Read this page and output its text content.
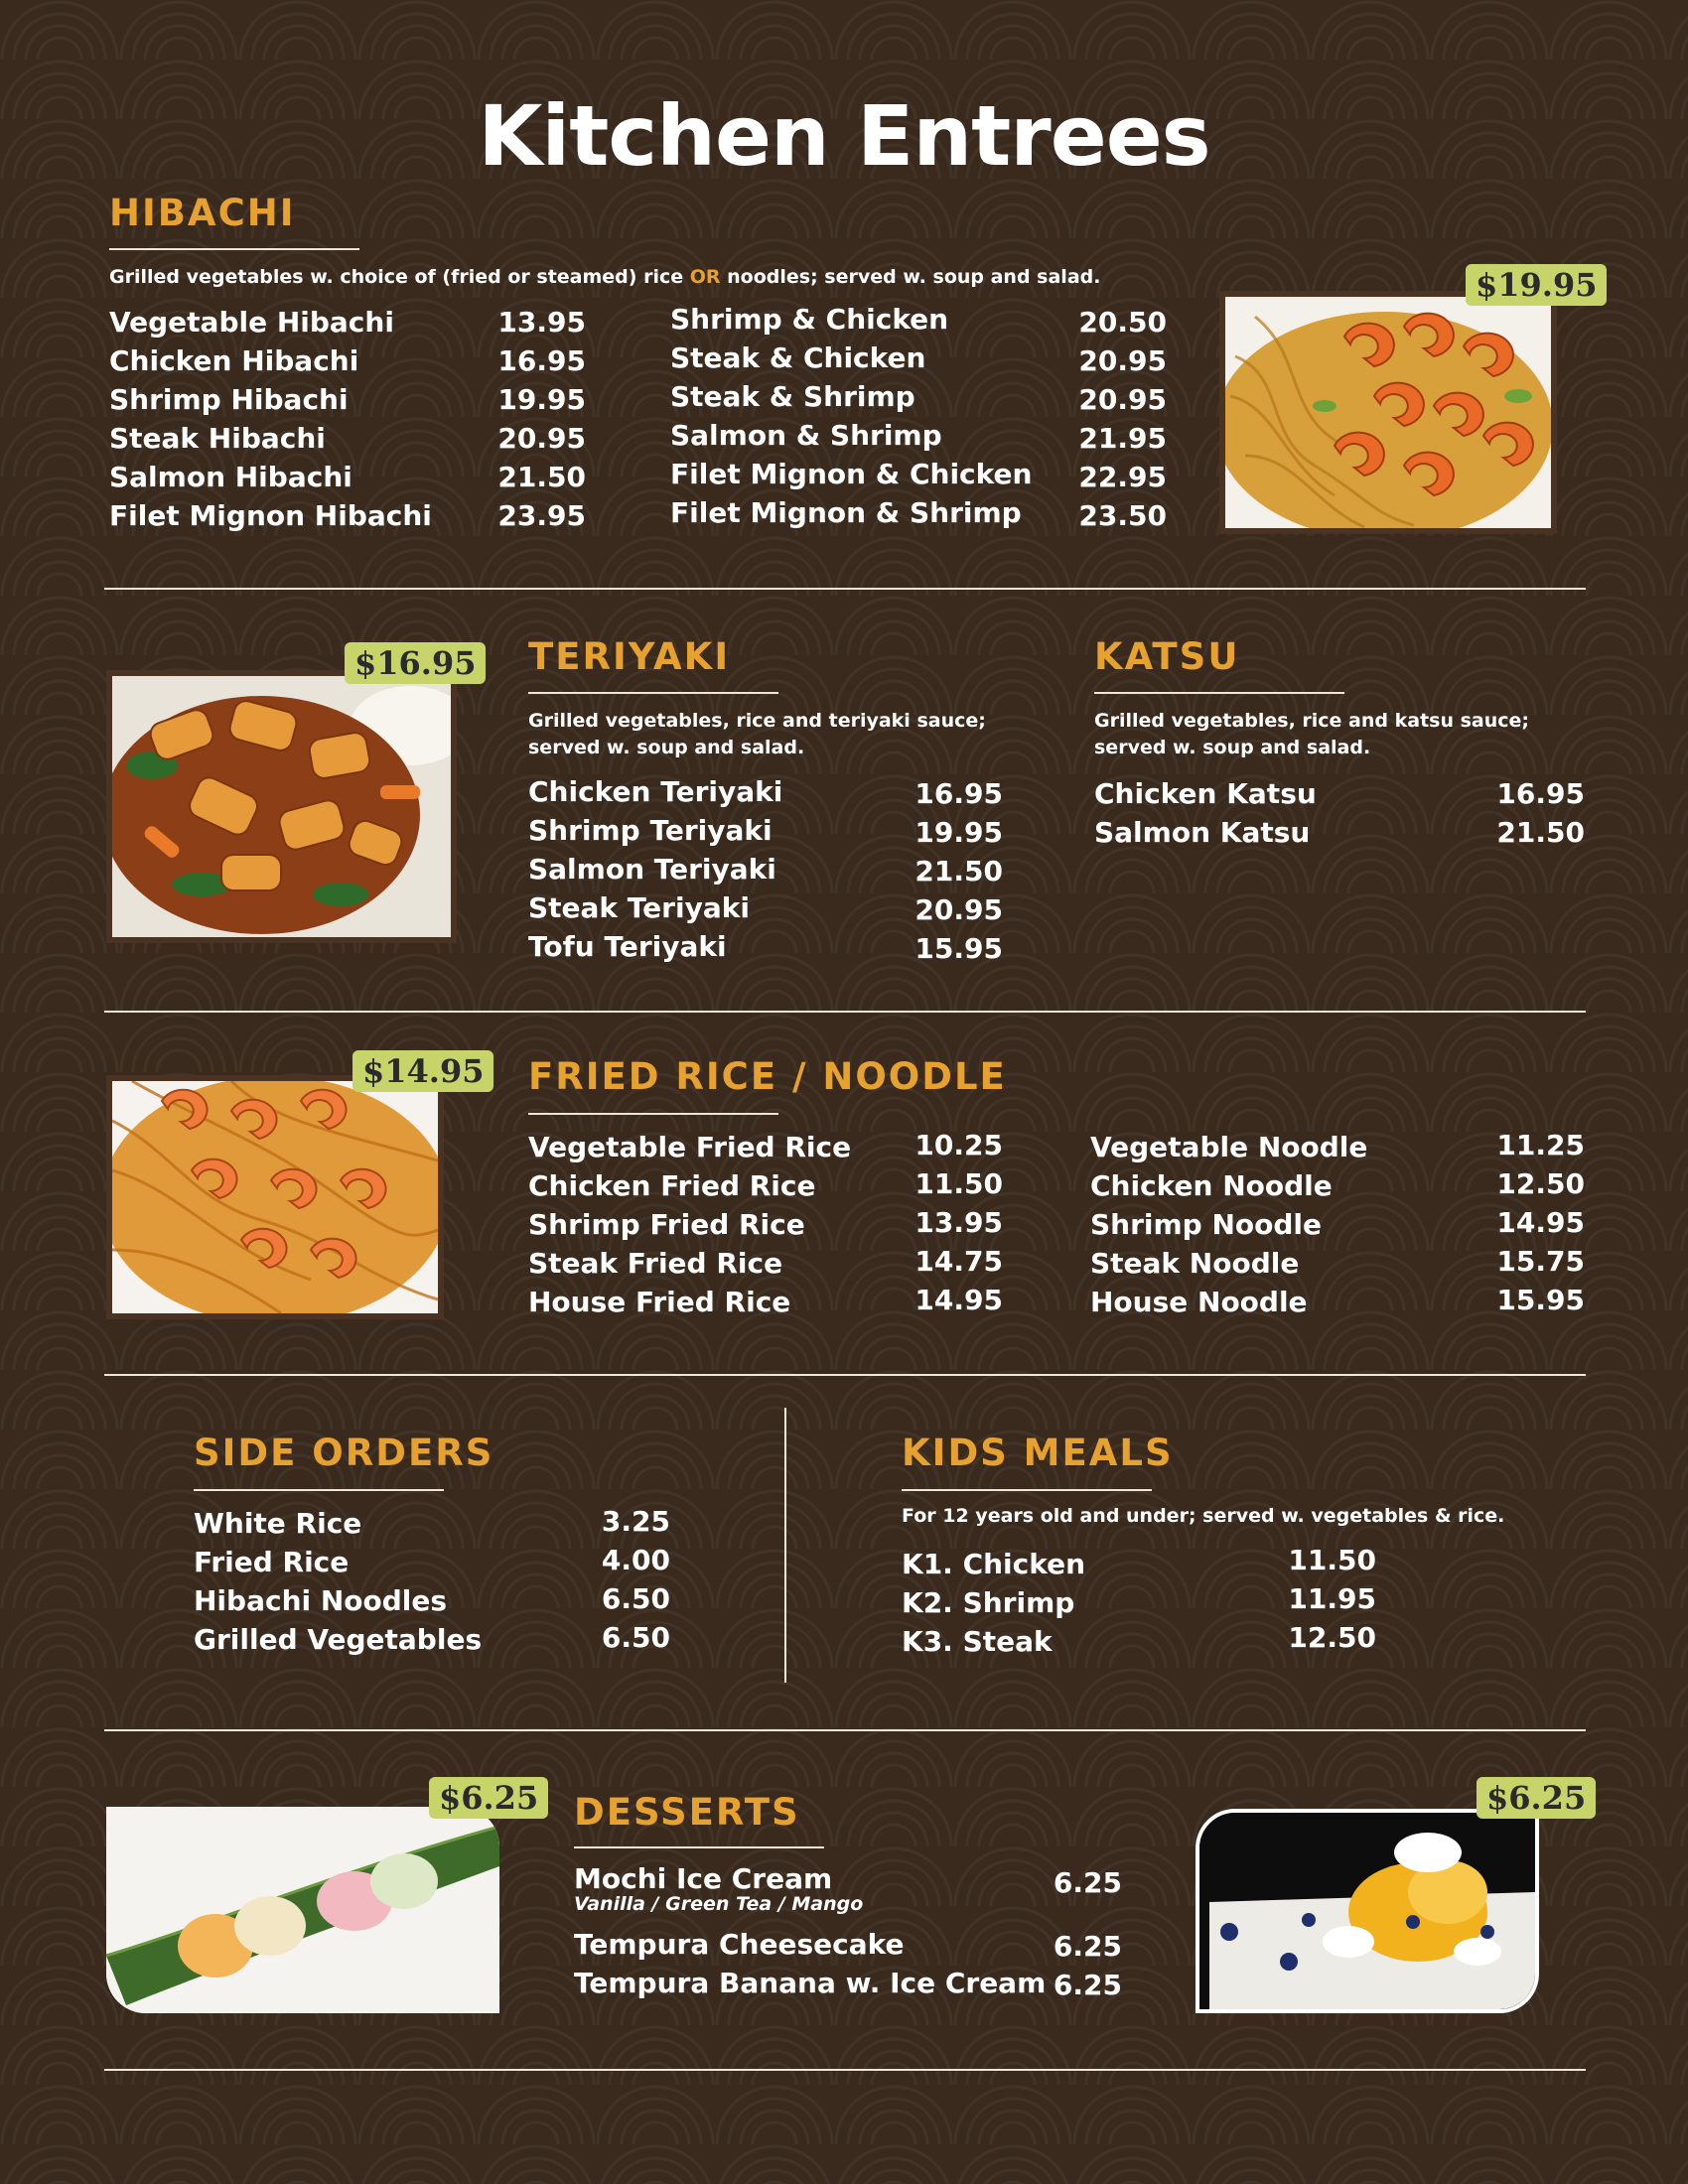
Kitchen Entrees
HIBACHI
Grilled vegetables w. choice of (fried or steamed) rice OR noodles; served w. soup and salad.
Vegetable Hibachi	13.95
Chicken Hibachi	16.95
Shrimp Hibachi	19.95
Steak Hibachi	20.95
Salmon Hibachi	21.50
Filet Mignon Hibachi 23.95
Shrimp & Chicken	20.50
Steak & Chicken	20.95
Steak & Shrimp	20.95
Salmon & Shrimp	21.95
Filet Mignon & Chicken 22.95
Filet Mignon & Shrimp 23.50
$19.95
$16.95 TERIYAKI
Grilled vegetables, rice and teriyaki sauce;
served w. soup and salad.
Chicken Teriyaki	16.95
Shrimp Teriyaki	19.95
Salmon Teriyaki	21.50
Steak Teriyaki	20.95
Tofu Teriyaki	15.95
KATSU
Grilled vegetables, rice and katsu sauce;
served w. soup and salad.
Chicken Katsu	16.95
Salmon Katsu	21.50
$14.95 FRIED RICE / NOODLE
Vegetable Fried Rice 10.25
Chicken Fried Rice	11.50
Shrimp Fried Rice	13.95
Steak Fried Rice	14.75
House Fried Rice	14.95
Vegetable Noodle	11.25
Chicken Noodle	12.50
Shrimp Noodle	14.95
Steak Noodle	15.75
House Noodle	15.95
SIDE ORDERS
White Rice	3.25
Fried Rice	4.00
Hibachi Noodles	6.50
Grilled Vegetables	6.50
KIDS MEALS
For 12 years old and under; served w. vegetables & rice.
K1. Chicken	11.50
K2. Shrimp	11.95
K3. Steak	12.50
$6.25 DESSERTS
Mochi Ice Cream	6.25
Vanilla / Green Tea / Mango
Tempura Cheesecake	6.25
Tempura Banana w. Ice Cream 6.25
$6.25
